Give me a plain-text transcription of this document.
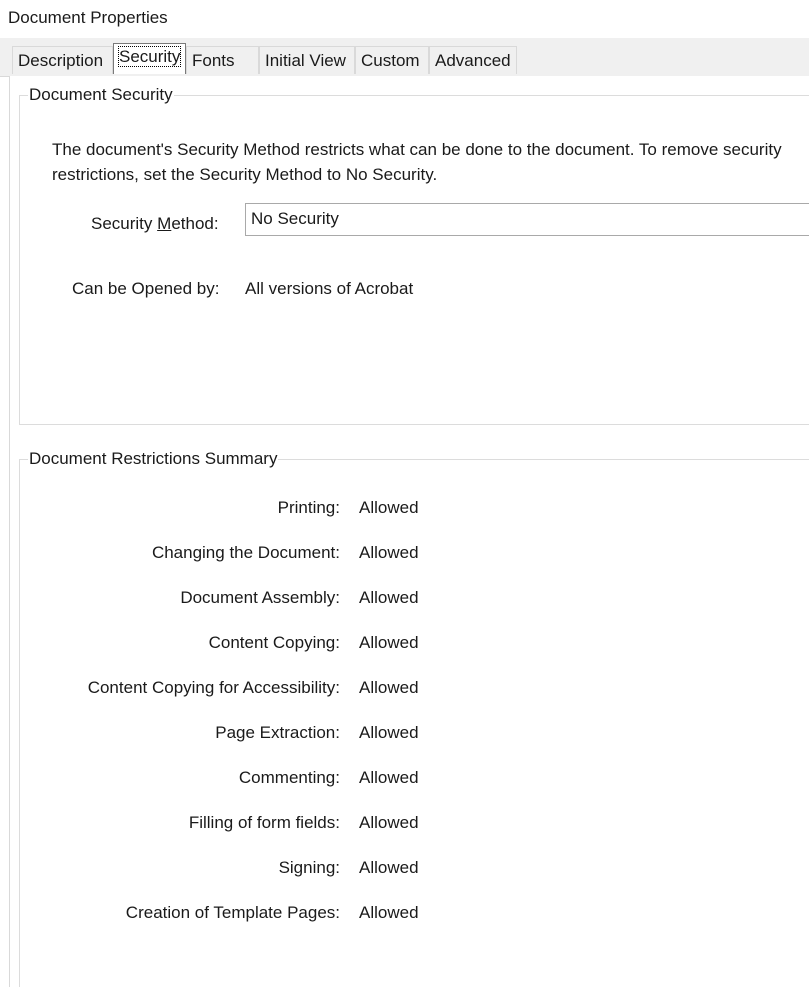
Document Properties
Description Security Fonts	Initial View Custom Advanced
Document Security
The document's Security Method restricts what can be done to the document. To remove security restrictions, set the Security Method to No Security.
Security Method:	No Security
Can be Opened by: All versions of Acrobat
Document Restrictions Summary
Printing: Allowed
Changing the Document: Allowed
Document Assembly: Allowed
Content Copying: Allowed
Content Copying for Accessibility: Allowed
Page Extraction: Allowed
Commenting: Allowed
Filling of form fields: Allowed
Signing: Allowed
Creation of Template Pages: Allowed
